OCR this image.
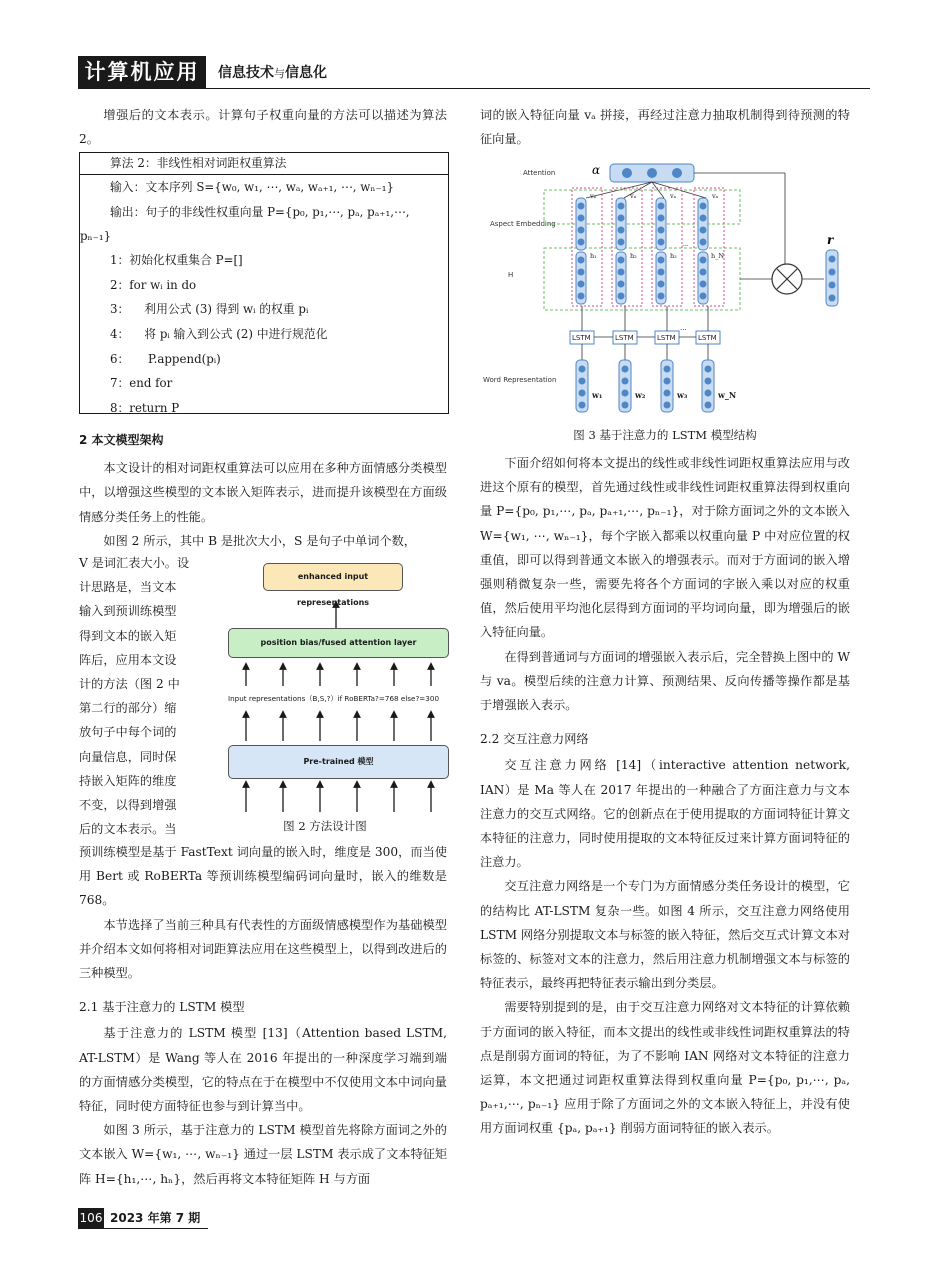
计算机应用	信息技术与信息化

增强后的文本表示。计算句子权重向量的方法可以描述为算法 2。

算法 2：非线性相对词距权重算法
输入：文本序列 S={w₀, w₁, ⋯, wₐ, wₐ₊₁, ⋯, wₙ₋₁}
输出：句子的非线性权重向量 P={p₀, p₁,⋯, pₐ, pₐ₊₁,⋯,
pₙ₋₁}
1：初始化权重集合 P=[]
2：for wᵢ in do
3：    利用公式 (3) 得到 wᵢ 的权重 pᵢ
4：    将 pᵢ 输入到公式 (2) 中进行规范化
6：     P.append(pᵢ)
7：end for
8：return P
2 本文模型架构

本文设计的相对词距权重算法可以应用在多种方面情感分类模型中，以增强这些模型的文本嵌入矩阵表示，进而提升该模型在方面级情感分类任务上的性能。

如图 2 所示，其中 B 是批次大小，S 是句子中单词个数，

V 是词汇表大小。设
计思路是，当文本
输入到预训练模型
得到文本的嵌入矩
阵后，应用本文设
计的方法（图 2 中
第二行的部分）缩
放句子中每个词的
向量信息，同时保
持嵌入矩阵的维度
不变，以得到增强
后的文本表示。当
enhanced input representations
position bias/fused attention layer
Input representations（B,S,?）if RoBERTa?=768 else?=300
Pre-trained 模型
图 2 方法设计图

预训练模型是基于 FastText 词向量的嵌入时，维度是 300，而当使用 Bert 或 RoBERTa 等预训练模型编码词向量时，嵌入的维数是 768。

本节选择了当前三种具有代表性的方面级情感模型作为基础模型并介绍本文如何将相对词距算法应用在这些模型上，以得到改进后的三种模型。

2.1 基于注意力的 LSTM 模型

基于注意力的 LSTM 模型 [13]（Attention based LSTM, AT-LSTM）是 Wang 等人在 2016 年提出的一种深度学习端到端的方面情感分类模型，它的特点在于在模型中不仅使用文本中词向量特征，同时使方面特征也参与到计算当中。

如图 3 所示，基于注意力的 LSTM 模型首先将除方面词之外的文本嵌入 W={w₁, ⋯, wₙ₋₁} 通过一层 LSTM 表示成了文本特征矩阵 H={h₁,⋯, hₙ}，然后再将文本特征矩阵 H 与方面

词的嵌入特征向量 vₐ 拼接，再经过注意力抽取机制得到待预测的特征向量。

Attention
Aspect Embedding
H
Word Representation
α
vₐ	vₐ	vₐ	vₐ
h₁	h₂	h₃	h_N
...	r
LSTM	LSTM	LSTM	LSTM
...
w₁	w₂	w₃	w_N
图 3 基于注意力的 LSTM 模型结构

下面介绍如何将本文提出的线性或非线性词距权重算法应用与改进这个原有的模型，首先通过线性或非线性词距权重算法得到权重向量 P={p₀, p₁,⋯, pₐ, pₐ₊₁,⋯, pₙ₋₁}，对于除方面词之外的文本嵌入 W={w₁, ⋯, wₙ₋₁}，每个字嵌入都乘以权重向量 P 中对应位置的权重值，即可以得到普通文本嵌入的增强表示。而对于方面词的嵌入增强则稍微复杂一些，需要先将各个方面词的字嵌入乘以对应的权重值，然后使用平均池化层得到方面词的平均词向量，即为增强后的嵌入特征向量。

在得到普通词与方面词的增强嵌入表示后，完全替换上图中的 W 与 va。模型后续的注意力计算、预测结果、反向传播等操作都是基于增强嵌入表示。

2.2 交互注意力网络

交互注意力网络 [14]（interactive attention network, IAN）是 Ma 等人在 2017 年提出的一种融合了方面注意力与文本注意力的交互式网络。它的创新点在于使用提取的方面词特征计算文本特征的注意力，同时使用提取的文本特征反过来计算方面词特征的注意力。

交互注意力网络是一个专门为方面情感分类任务设计的模型，它的结构比 AT-LSTM 复杂一些。如图 4 所示，交互注意力网络使用 LSTM 网络分别提取文本与标签的嵌入特征，然后交互式计算文本对标签的、标签对文本的注意力，然后用注意力机制增强文本与标签的特征表示，最终再把特征表示输出到分类层。

需要特别提到的是，由于交互注意力网络对文本特征的计算依赖于方面词的嵌入特征，而本文提出的线性或非线性词距权重算法的特点是削弱方面词的特征，为了不影响 IAN 网络对文本特征的注意力运算，本文把通过词距权重算法得到权重向量 P={p₀, p₁,⋯, pₐ, pₐ₊₁,⋯, pₙ₋₁} 应用于除了方面词之外的文本嵌入特征上，并没有使用方面词权重 {pₐ, pₐ₊₁} 削弱方面词特征的嵌入表示。

106 2023 年第 7 期
